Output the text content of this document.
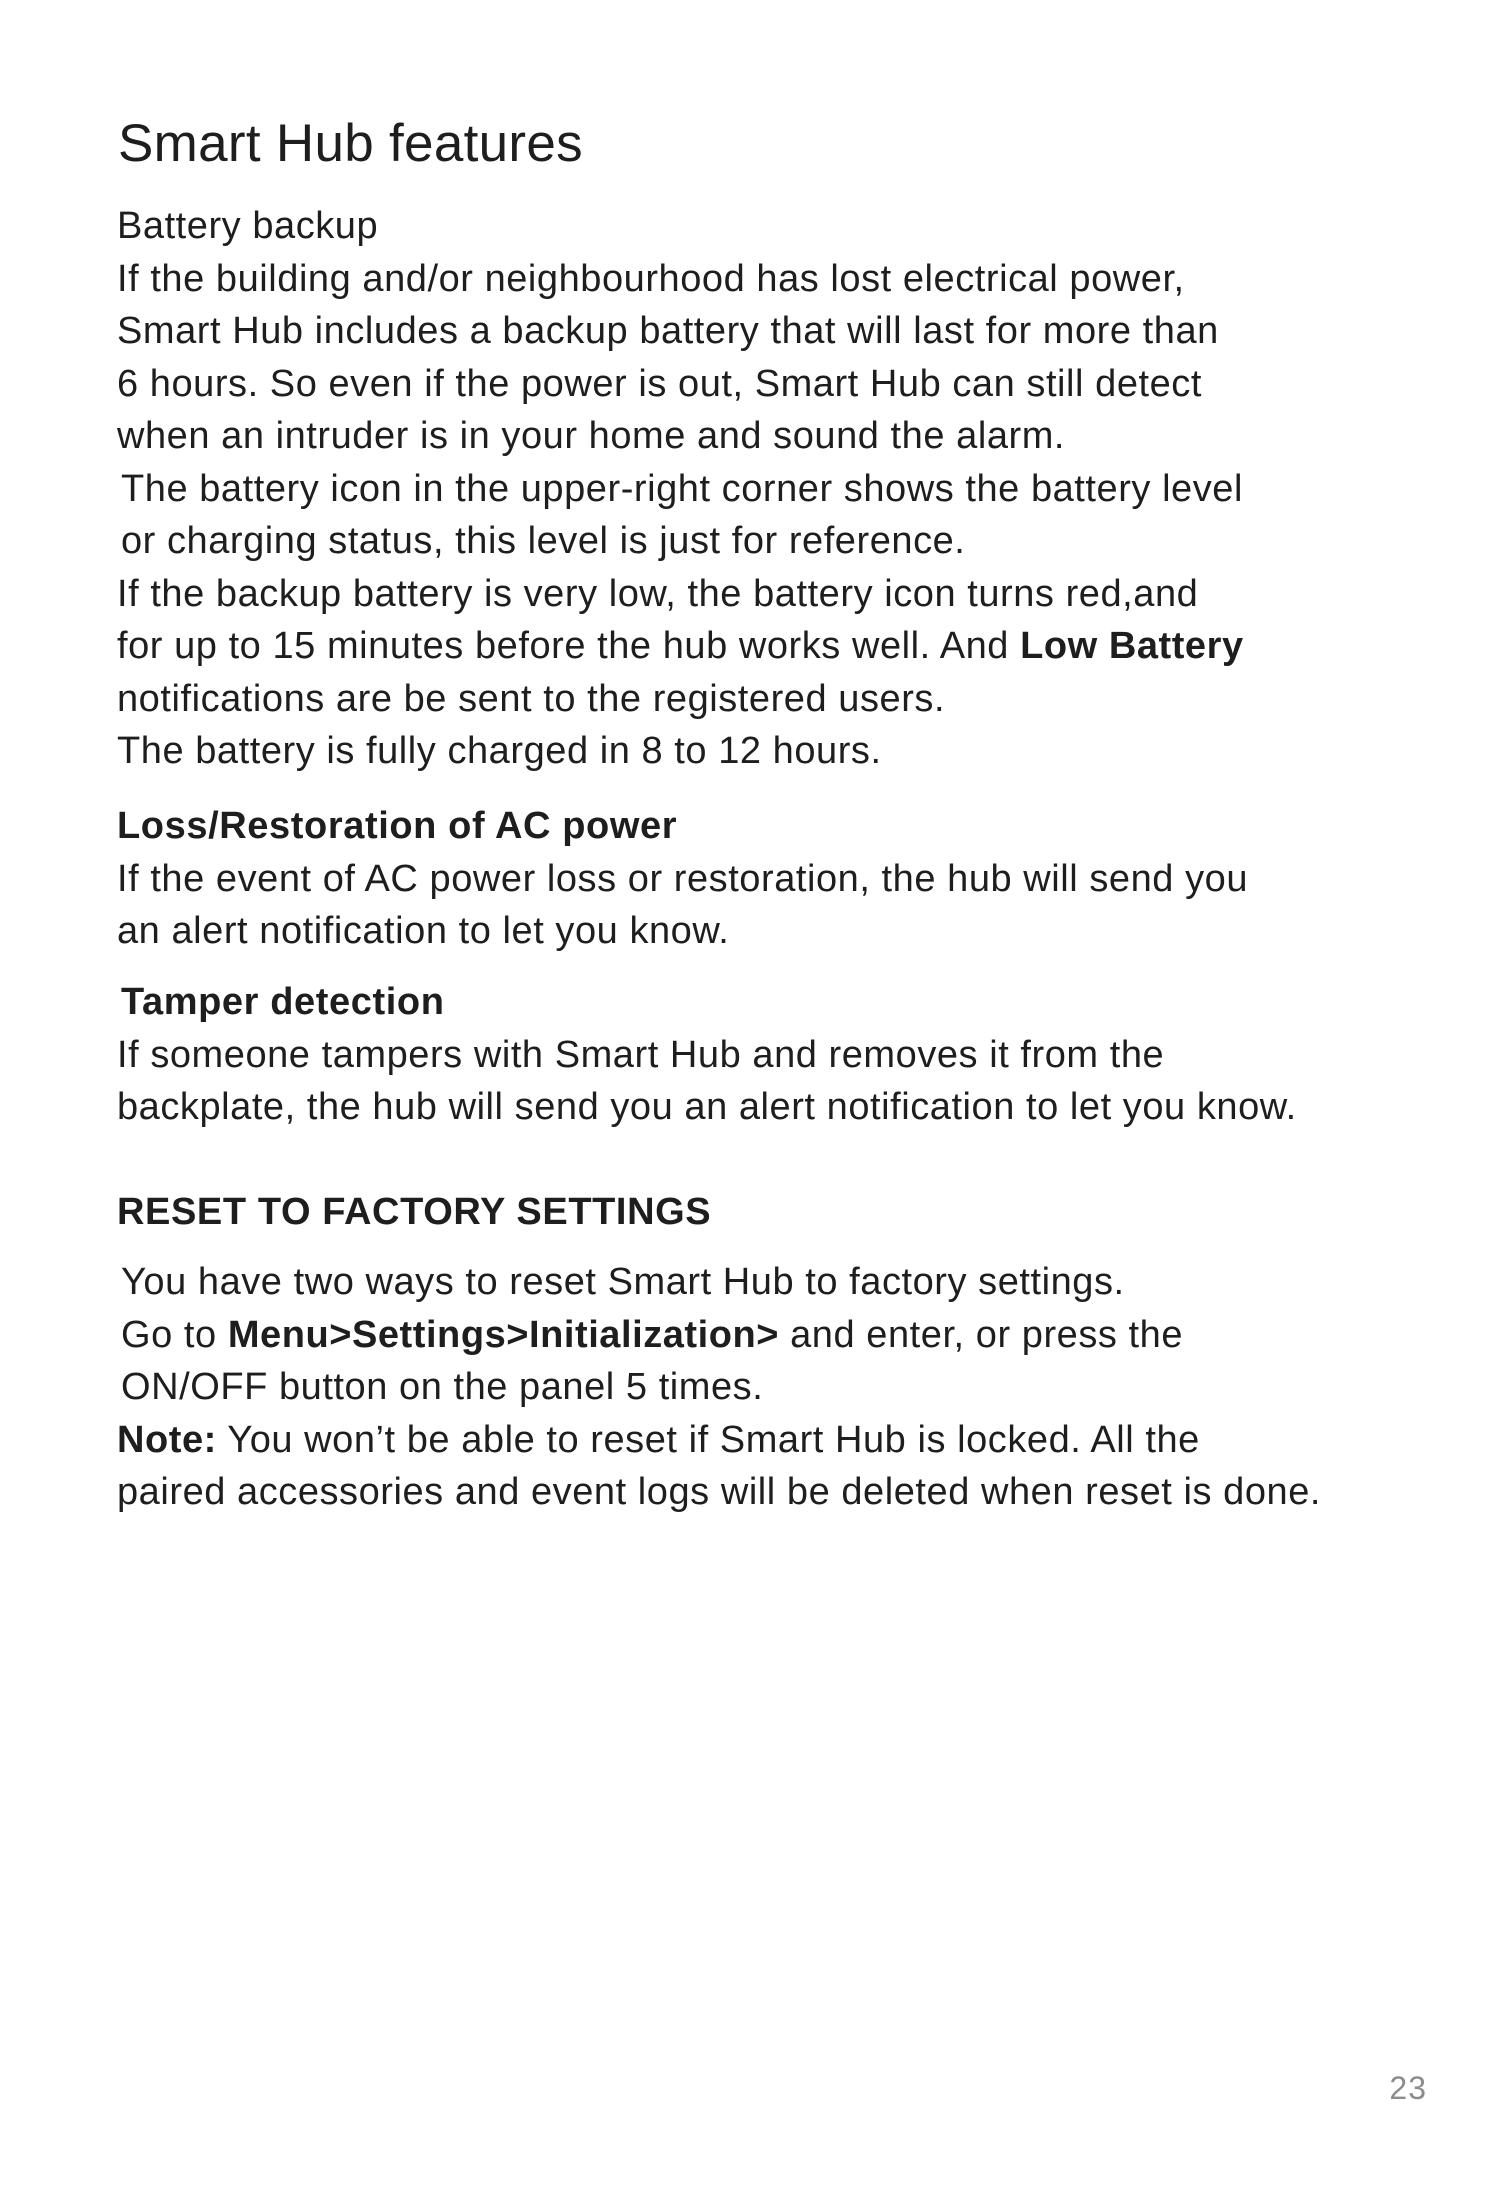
Smart Hub features
Battery backup
If the building and/or neighbourhood has lost electrical power,
Smart Hub includes a backup battery that will last for more than
6 hours. So even if the power is out, Smart Hub can still detect
when an intruder is in your home and sound the alarm.
The battery icon in the upper-right corner shows the battery level
or charging status, this level is just for reference.
If the backup battery is very low, the battery icon turns red,and
for up to 15 minutes before the hub works well. And Low Battery
notifications are be sent to the registered users.
The battery is fully charged in 8 to 12 hours.
Loss/Restoration of AC power
If the event of AC power loss or restoration, the hub will send you
an alert notification to let you know.
Tamper detection
If someone tampers with Smart Hub and removes it from the
backplate, the hub will send you an alert notification to let you know.
RESET TO FACTORY SETTINGS
You have two ways to reset Smart Hub to factory settings.
Go to Menu>Settings>Initialization> and enter, or press the
ON/OFF button on the panel 5 times.
Note: You won’t be able to reset if Smart Hub is locked. All the
paired accessories and event logs will be deleted when reset is done.
23
